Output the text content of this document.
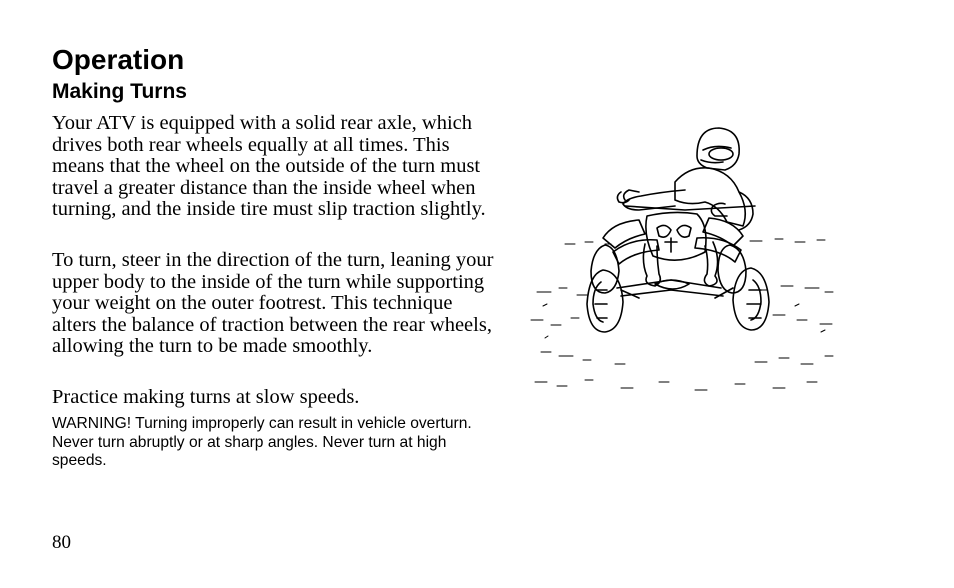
Operation
Making Turns

Your ATV is equipped with a solid rear axle, which drives both rear wheels equally at all times. This means that the wheel on the outside of the turn must travel a greater distance than the inside wheel when turning, and the inside tire must slip traction slightly.

To turn, steer in the direction of the turn, leaning your upper body to the inside of the turn while supporting your weight on the outer footrest. This technique alters the balance of traction between the rear wheels, allowing the turn to be made smoothly.

Practice making turns at slow speeds.

WARNING! Turning improperly can result in vehicle overturn. Never turn abruptly or at sharp angles. Never turn at high speeds.

80
